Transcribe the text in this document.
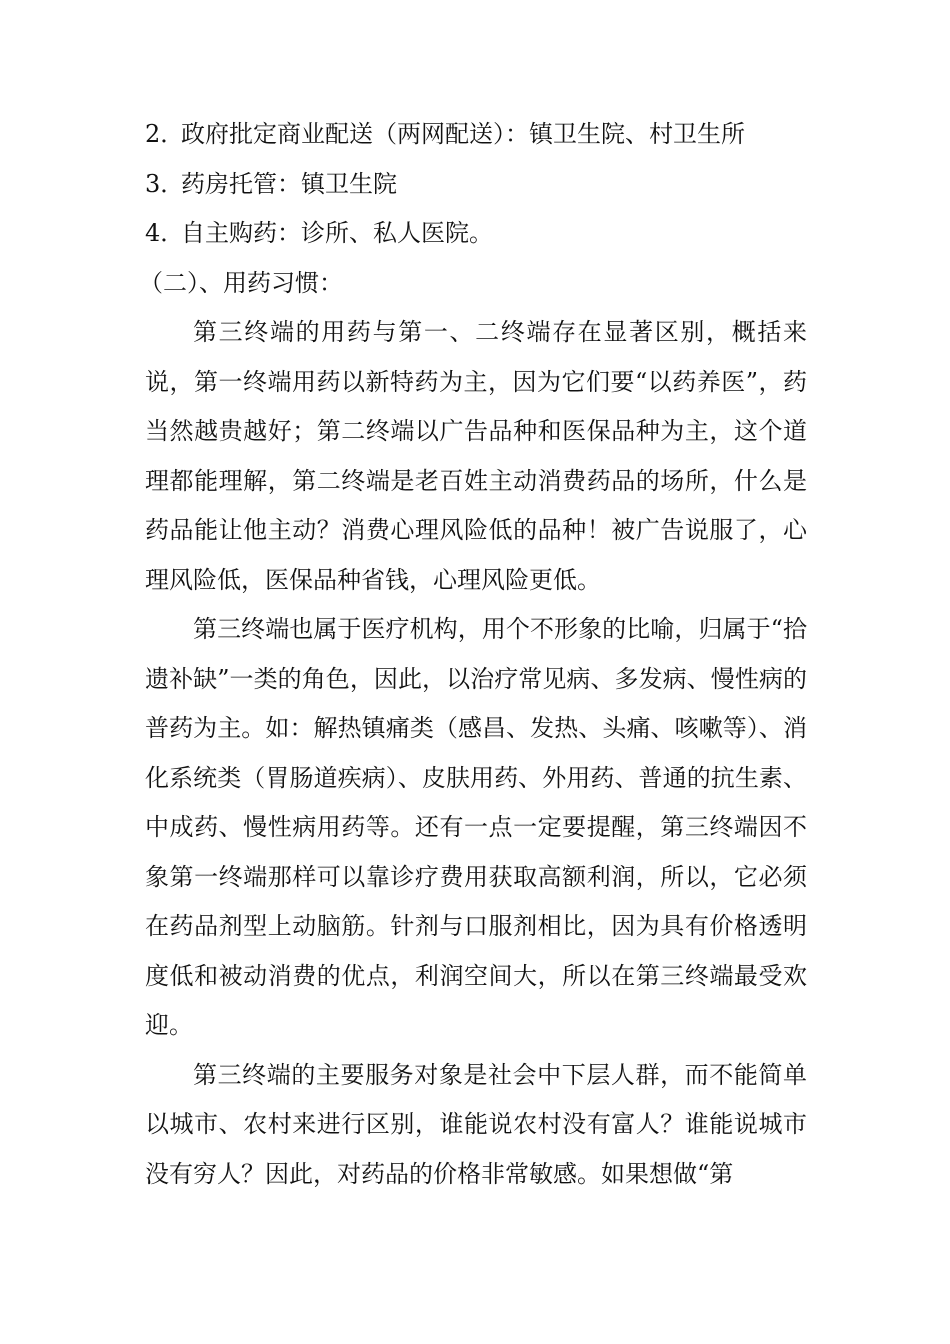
2．政府批定商业配送（两网配送）：镇卫生院、村卫生所
3．药房托管：镇卫生院
4．自主购药：诊所、私人医院。
（二）、用药习惯：

第三终端的用药与第一、二终端存在显著区别，概括来说，第一终端用药以新特药为主，因为它们要“以药养医”，药当然越贵越好；第二终端以广告品种和医保品种为主，这个道理都能理解，第二终端是老百姓主动消费药品的场所，什么是药品能让他主动？消费心理风险低的品种！被广告说服了，心理风险低，医保品种省钱，心理风险更低。

第三终端也属于医疗机构，用个不形象的比喻，归属于“拾遗补缺”一类的角色，因此，以治疗常见病、多发病、慢性病的普药为主。如：解热镇痛类（感昌、发热、头痛、咳嗽等）、消化系统类（胃肠道疾病）、皮肤用药、外用药、普通的抗生素、中成药、慢性病用药等。还有一点一定要提醒，第三终端因不象第一终端那样可以靠诊疗费用获取高额利润，所以，它必须在药品剂型上动脑筋。针剂与口服剂相比，因为具有价格透明度低和被动消费的优点，利润空间大，所以在第三终端最受欢迎。

第三终端的主要服务对象是社会中下层人群，而不能简单以城市、农村来进行区别，谁能说农村没有富人？谁能说城市没有穷人？因此，对药品的价格非常敏感。如果想做“第
